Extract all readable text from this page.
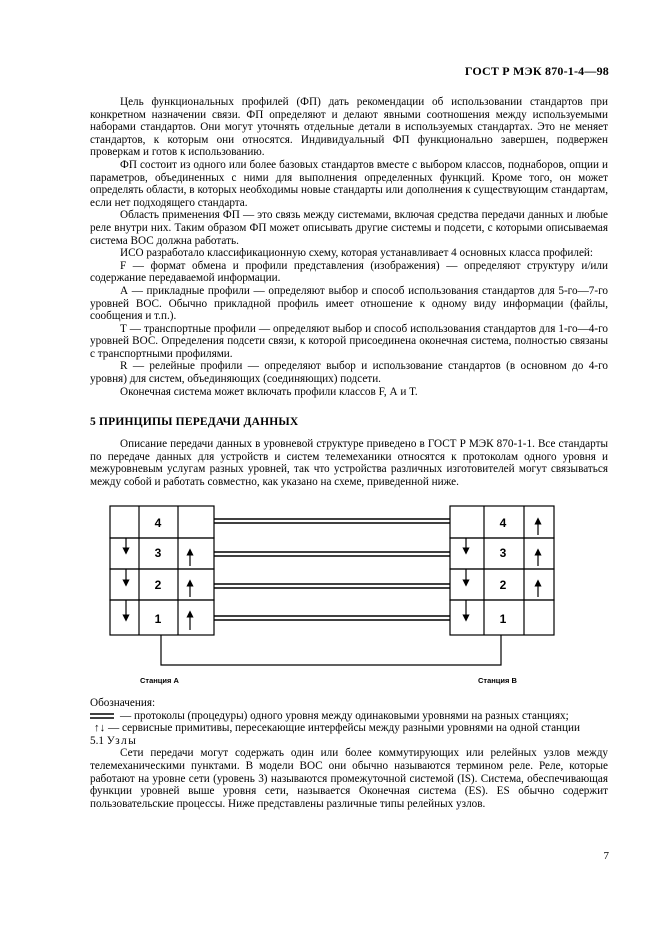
ГОСТ Р МЭК 870-1-4—98

Цель функциональных профилей (ФП) дать рекомендации об использовании стандартов при конкретном назначении связи. ФП определяют и делают явными соотношения между используемыми наборами стандартов. Они могут уточнять отдельные детали в используемых стандартах. Это не меняет стандартов, к которым они относятся. Индивидуальный ФП функционально завершен, подвержен проверкам и готов к использованию.

ФП состоит из одного или более базовых стандартов вместе с выбором классов, поднаборов, опции и параметров, объединенных с ними для выполнения определенных функций. Кроме того, он может определять области, в которых необходимы новые стандарты или дополнения к существующим стандартам, если нет подходящего стандарта.

Область применения ФП — это связь между системами, включая средства передачи данных и любые реле внутри них. Таким образом ФП может описывать другие системы и подсети, с которыми описываемая система ВОС должна работать.

ИСО разработало классификационную схему, которая устанавливает 4 основных класса профилей:

F — формат обмена и профили представления (изображения) — определяют структуру и/или содержание передаваемой информации.

А — прикладные профили — определяют выбор и способ использования стандартов для 5-го—7-го уровней ВОС. Обычно прикладной профиль имеет отношение к одному виду информации (файлы, сообщения и т.п.).

Т — транспортные профили — определяют выбор и способ использования стандартов для 1-го—4-го уровней ВОС. Определения подсети связи, к которой присоединена оконечная система, полностью связаны с транспортными профилями.

R — релейные профили — определяют выбор и использование стандартов (в основном до 4-го уровня) для систем, объединяющих (соединяющих) подсети.

Оконечная система может включать профили классов F, А и Т.

5 ПРИНЦИПЫ ПЕРЕДАЧИ ДАННЫХ

Описание передачи данных в уровневой структуре приведено в ГОСТ Р МЭК 870-1-1. Все стандарты по передаче данных для устройств и систем телемеханики относятся к протоколам одного уровня и межуровневым услугам разных уровней, так что устройства различных изготовителей могут связываться между собой и работать совместно, как указано на схеме, приведенной ниже.

4
3
2
1
4
3
2
1
Станция А	Станция В

Обозначения:

— протоколы (процедуры) одного уровня между одинаковыми уровнями на разных станциях;

↑↓ — сервисные примитивы, пересекающие интерфейсы между разными уровнями на одной станции

5.1 Узлы

Сети передачи могут содержать один или более коммутирующих или релейных узлов между телемеханическими пунктами. В модели ВОС они обычно называются термином реле. Реле, которые работают на уровне сети (уровень 3) называются промежуточной системой (IS). Система, обеспечивающая функции уровней выше уровня сети, называется Оконечная система (ES). ES обычно содержит пользовательские процессы. Ниже представлены различные типы релейных узлов.

7
